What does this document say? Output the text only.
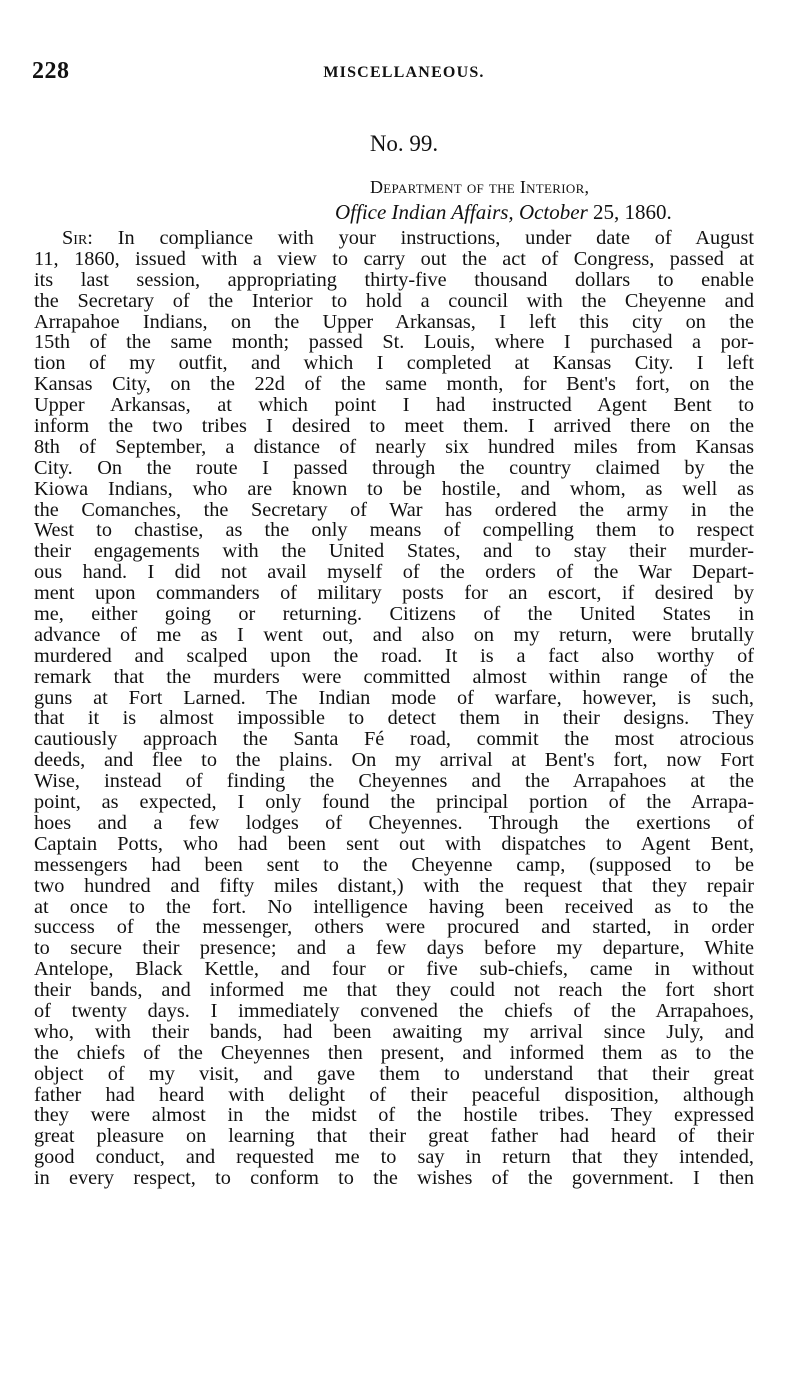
228	MISCELLANEOUS.
No. 99.
Department of the Interior,
Office Indian Affairs, October 25, 1860.
Sir: In compliance with your instructions, under date of August
11, 1860, issued with a view to carry out the act of Congress, passed at
its last session, appropriating thirty-five thousand dollars to enable
the Secretary of the Interior to hold a council with the Cheyenne and
Arrapahoe Indians, on the Upper Arkansas, I left this city on the
15th of the same month; passed St. Louis, where I purchased a por-
tion of my outfit, and which I completed at Kansas City. I left
Kansas City, on the 22d of the same month, for Bent's fort, on the
Upper Arkansas, at which point I had instructed Agent Bent to
inform the two tribes I desired to meet them. I arrived there on the
8th of September, a distance of nearly six hundred miles from Kansas
City. On the route I passed through the country claimed by the
Kiowa Indians, who are known to be hostile, and whom, as well as
the Comanches, the Secretary of War has ordered the army in the
West to chastise, as the only means of compelling them to respect
their engagements with the United States, and to stay their murder-
ous hand. I did not avail myself of the orders of the War Depart-
ment upon commanders of military posts for an escort, if desired by
me, either going or returning. Citizens of the United States in
advance of me as I went out, and also on my return, were brutally
murdered and scalped upon the road. It is a fact also worthy of
remark that the murders were committed almost within range of the
guns at Fort Larned. The Indian mode of warfare, however, is such,
that it is almost impossible to detect them in their designs. They
cautiously approach the Santa Fé road, commit the most atrocious
deeds, and flee to the plains. On my arrival at Bent's fort, now Fort
Wise, instead of finding the Cheyennes and the Arrapahoes at the
point, as expected, I only found the principal portion of the Arrapa-
hoes and a few lodges of Cheyennes. Through the exertions of
Captain Potts, who had been sent out with dispatches to Agent Bent,
messengers had been sent to the Cheyenne camp, (supposed to be
two hundred and fifty miles distant,) with the request that they repair
at once to the fort. No intelligence having been received as to the
success of the messenger, others were procured and started, in order
to secure their presence; and a few days before my departure, White
Antelope, Black Kettle, and four or five sub-chiefs, came in without
their bands, and informed me that they could not reach the fort short
of twenty days. I immediately convened the chiefs of the Arrapahoes,
who, with their bands, had been awaiting my arrival since July, and
the chiefs of the Cheyennes then present, and informed them as to the
object of my visit, and gave them to understand that their great
father had heard with delight of their peaceful disposition, although
they were almost in the midst of the hostile tribes. They expressed
great pleasure on learning that their great father had heard of their
good conduct, and requested me to say in return that they intended,
in every respect, to conform to the wishes of the government. I then
